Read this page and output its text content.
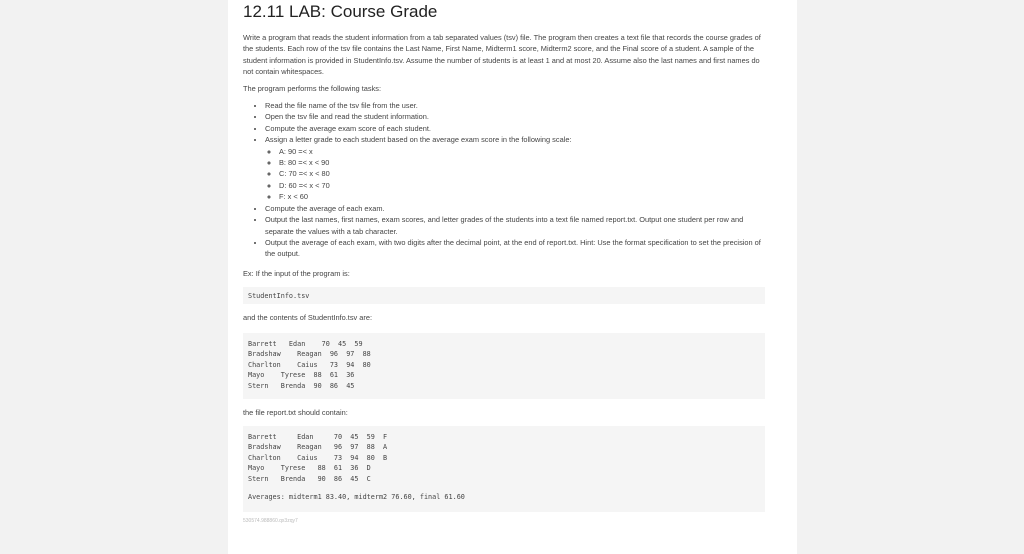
12.11 LAB: Course Grade

Write a program that reads the student information from a tab separated values (tsv) file. The program then creates a text file that records the course grades of the students. Each row of the tsv file contains the Last Name, First Name, Midterm1 score, Midterm2 score, and the Final score of a student. A sample of the student information is provided in StudentInfo.tsv. Assume the number of students is at least 1 and at most 20. Assume also the last names and first names do not contain whitespaces.

The program performs the following tasks:

• Read the file name of the tsv file from the user.
• Open the tsv file and read the student information.
• Compute the average exam score of each student.
• Assign a letter grade to each student based on the average exam score in the following scale:
◦ A: 90 =< x
◦ B: 80 =< x < 90
◦ C: 70 =< x < 80
◦ D: 60 =< x < 70
◦ F: x < 60
• Compute the average of each exam.
• Output the last names, first names, exam scores, and letter grades of the students into a text file named report.txt. Output one student per row and separate the values with a tab character.
• Output the average of each exam, with two digits after the decimal point, at the end of report.txt. Hint: Use the format specification to set the precision of the output.

Ex: If the input of the program is:

StudentInfo.tsv

and the contents of StudentInfo.tsv are:

Barrett   Edan    70  45  59
Bradshaw    Reagan  96  97  88
Charlton    Caius   73  94  80
Mayo    Tyrese  88  61  36
Stern   Brenda  90  86  45

the file report.txt should contain:

Barrett     Edan     70  45  59  F
Bradshaw    Reagan   96  97  88  A
Charlton    Caius    73  94  80  B
Mayo    Tyrese   88  61  36  D
Stern   Brenda   90  86  45  C
Averages: midterm1 83.40, midterm2 76.60, final 61.60
530574.988860.qx3zqy7
